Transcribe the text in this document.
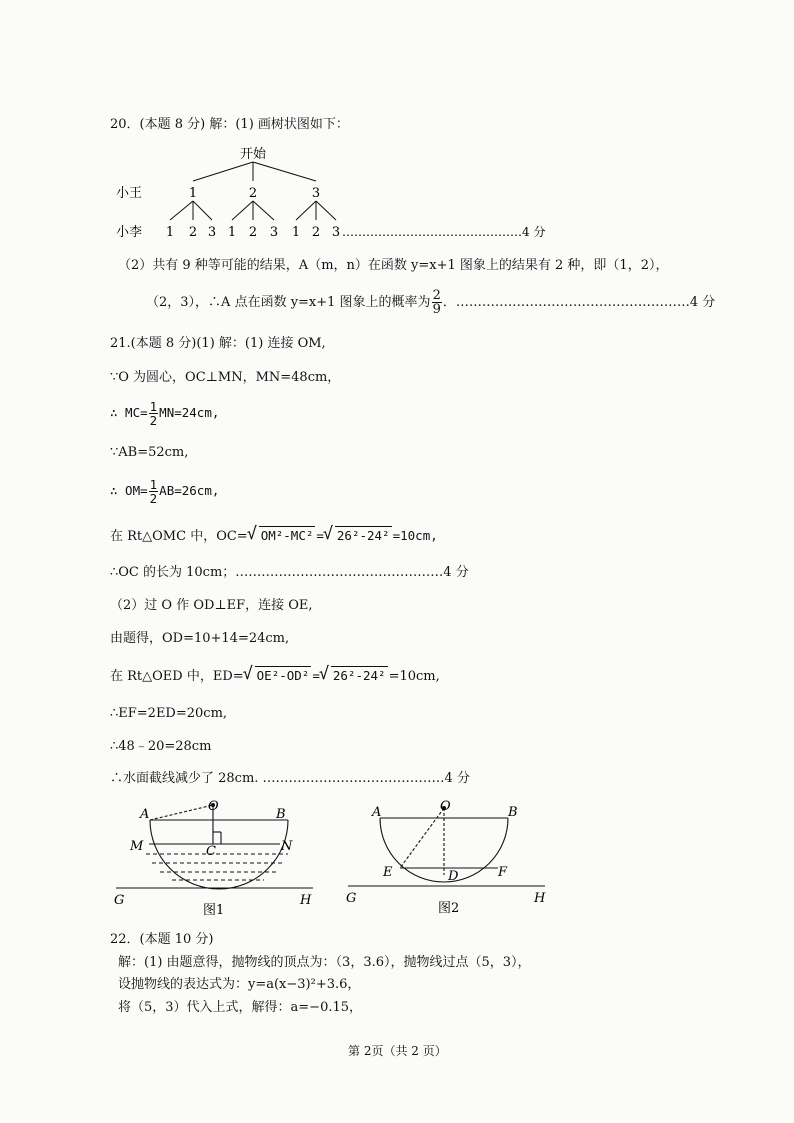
20．(本题 8 分) 解：(1) 画树状图如下：
开始
小王	1	2	3
小李 1 2 3 1 2 3 1 2 3 ………………………………………4 分
（2）共有 9 种等可能的结果，A（m，n）在函数 y=x+1 图象上的结果有 2 种，即（1，2），
（2，3），∴A 点在函数 y=x+1 图象上的概率为 $\frac{2}{9}$ ．………………………………………………4 分
21.(本题 8 分)(1) 解：(1) 连接 OM,
∵O 为圆心，OC⊥MN，MN=48cm，
∴ $MC= \frac{1}{2} MN=24cm$,
∵AB=52cm,
∴ $OM= \frac{1}{2} AB=26cm$,
在 Rt△OMC 中，OC= √ OM²-MC² = √ 26²-24² =10cm,
∴OC 的长为 10cm；…………………………………………4 分
（2）过 O 作 OD⊥EF，连接 OE,
由题得，OD=10+14=24cm,
在 Rt△OED 中，ED= √ OE²-OD² = √ 26²-24² =10cm,
∴EF=2ED=20cm,
∴48﹣20=28cm
∴水面截线减少了 28cm. ……………………………………4 分
A
O
B
M	C	N
G	H
图1
A	O	B
E	D	F
G	H
图2
22．(本题 10 分)
解：(1) 由题意得，抛物线的顶点为：（3，3.6），抛物线过点（5，3），
设抛物线的表达式为：y=a(x−3)²+3.6，
将（5，3）代入上式，解得：a=−0.15，
第 2页（共 2 页）
